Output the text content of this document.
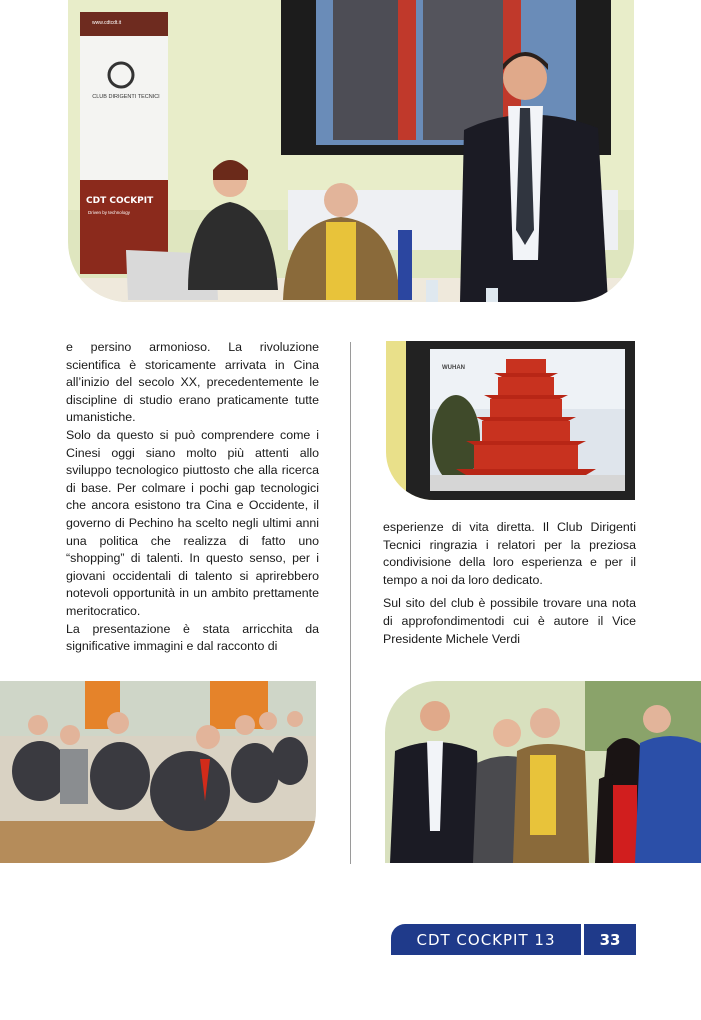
www.cdtcdt.it
CLUB DIRIGENTI TECNICI
CDT COCKPIT
Driven by technology

e persino armonioso. La rivoluzione scientifica è storicamente arrivata in Cina all’inizio del secolo XX, precedentemente le discipline di studio erano praticamente tutte umanistiche.

Solo da questo si può comprendere come i Cinesi oggi siano molto più attenti allo sviluppo tecnologico piuttosto che alla ricerca di base. Per colmare i pochi gap tecnologici che ancora esistono tra Cina e Occidente, il governo di Pechino ha scelto negli ultimi anni una politica che realizza di fatto uno “shopping” di talenti. In questo senso, per i giovani occidentali di talento si aprirebbero notevoli opportunità in un ambito prettamente meritocratico.

La presentazione è stata arricchita da significative immagini e dal racconto di

WUHAN

esperienze di vita diretta. Il Club Dirigenti Tecnici ringrazia i relatori per la preziosa condivisione della loro esperienza e per il tempo a noi da loro dedicato.

Sul sito del club è possibile trovare una nota di approfondimentodi cui è autore il Vice Presidente Michele Verdi

CDT COCKPIT 13	33
